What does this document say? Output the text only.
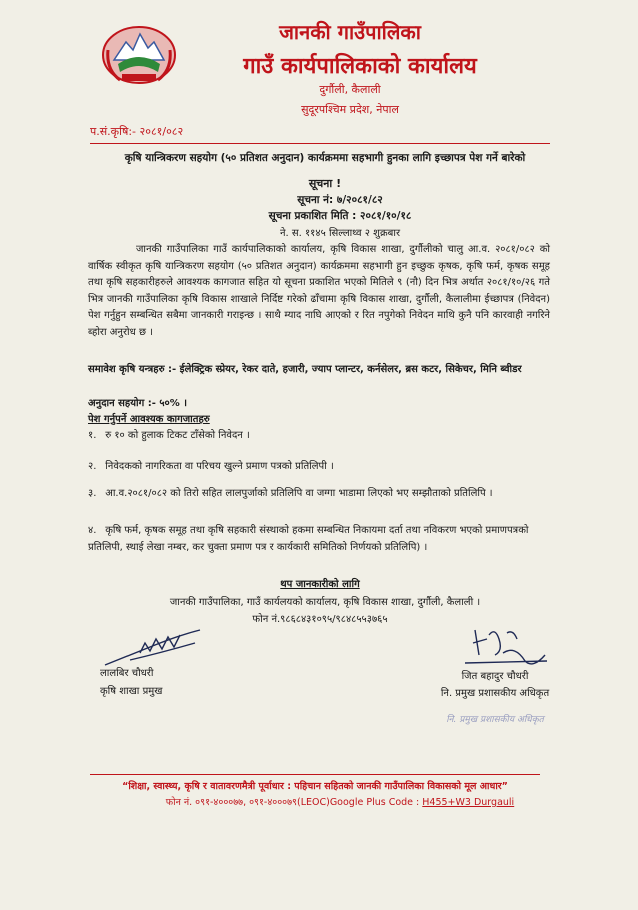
जानकी गाउँपालिका
गाउँ कार्यपालिकाको कार्यालय
दुर्गौली, कैलाली
सुदूरपश्चिम प्रदेश, नेपाल
प.सं.कृषि:- २०८१/०८२
कृषि यान्त्रिकरण सहयोग (५० प्रतिशत अनुदान) कार्यक्रममा सहभागी हुनका लागि इच्छापत्र पेश गर्ने बारेको
सूचना !
सूचना नं: ७/२०८१/८२
सूचना प्रकाशित मिति : २०८१/१०/१८
ने. स. ११४५ सिल्लाथ्व २ शुक्रबार
जानकी गाउँपालिका गाउँ कार्यपालिकाको कार्यालय, कृषि विकास शाखा, दुर्गौलीको चालु आ.व. २०८१/०८२ को वार्षिक स्वीकृत कृषि यान्त्रिकरण सहयोग (५० प्रतिशत अनुदान) कार्यक्रममा सहभागी हुन इच्छुक कृषक, कृषि फर्म, कृषक समूह तथा कृषि सहकारीहरुले आवश्यक कागजात सहित यो सूचना प्रकाशित भएको मितिले ९ (नौ) दिन भित्र अर्थात २०८१/१०/२६ गते भित्र जानकी गाउँपालिका कृषि विकास शाखाले निर्दिष्ट गरेको ढाँचामा कृषि विकास शाखा, दुर्गौली, कैलालीमा ईच्छापत्र (निवेदन) पेश गर्नुहुन सम्बन्धित सबैमा जानकारी गराइन्छ । साथै म्याद नाघि आएको र रित नपुगेको निवेदन माथि कुनै पनि कारवाही नगरिने ब्होरा अनुरोध छ ।
समावेश कृषि यन्त्रहरु :- ईलेक्ट्रिक स्प्रेयर, रेकर दाते, हजारी, ज्याप प्लान्टर, कर्नसेलर, ब्रस कटर, सिकेचर, मिनि ब्वीडर
अनुदान सहयोग :- ५०% ।
पेश गर्नुपर्ने आवश्यक कागजातहरु
१. रु १० को हुलाक टिकट टाँसेको निवेदन ।
२. निवेदकको नागरिकता वा परिचय खुल्ने प्रमाण पत्रको प्रतिलिपी ।
३. आ.व.२०८१/०८२ को तिरो सहित लालपुर्जाको प्रतिलिपि वा जग्गा भाडामा लिएको भए सम्झौताको प्रतिलिपि ।
४. कृषि फर्म, कृषक समूह तथा कृषि सहकारी संस्थाको हकमा सम्बन्धित निकायमा दर्ता तथा नविकरण भएको प्रमाणपत्रको प्रतिलिपी, स्थाई लेखा नम्बर, कर चुक्ता प्रमाण पत्र र कार्यकारी समितिको निर्णयको प्रतिलिपि) ।
थप जानकारीको लागि
जानकी गाउँपालिका, गाउँ कार्यलयको कार्यालय, कृषि विकास शाखा, दुर्गौली, कैलाली ।
फोन नं.९८६८४३१०९५/९८४८५५३७६५
लालबिर चौधरी
कृषि शाखा प्रमुख
जित बहादुर चौधरी
नि. प्रमुख प्रशासकीय अधिकृत
नि. प्रमुख प्रशासकीय अधिकृत
“शिक्षा, स्वास्थ्य, कृषि र वातावरणमैत्री पूर्वाधार : पहिचान सहितको जानकी गाउँपालिका विकासको मूल आधार”
फोन नं. ०९१-४०००७७, ०९१-४०००७९(LEOC)Google Plus Code : H455+W3 Durgauli
